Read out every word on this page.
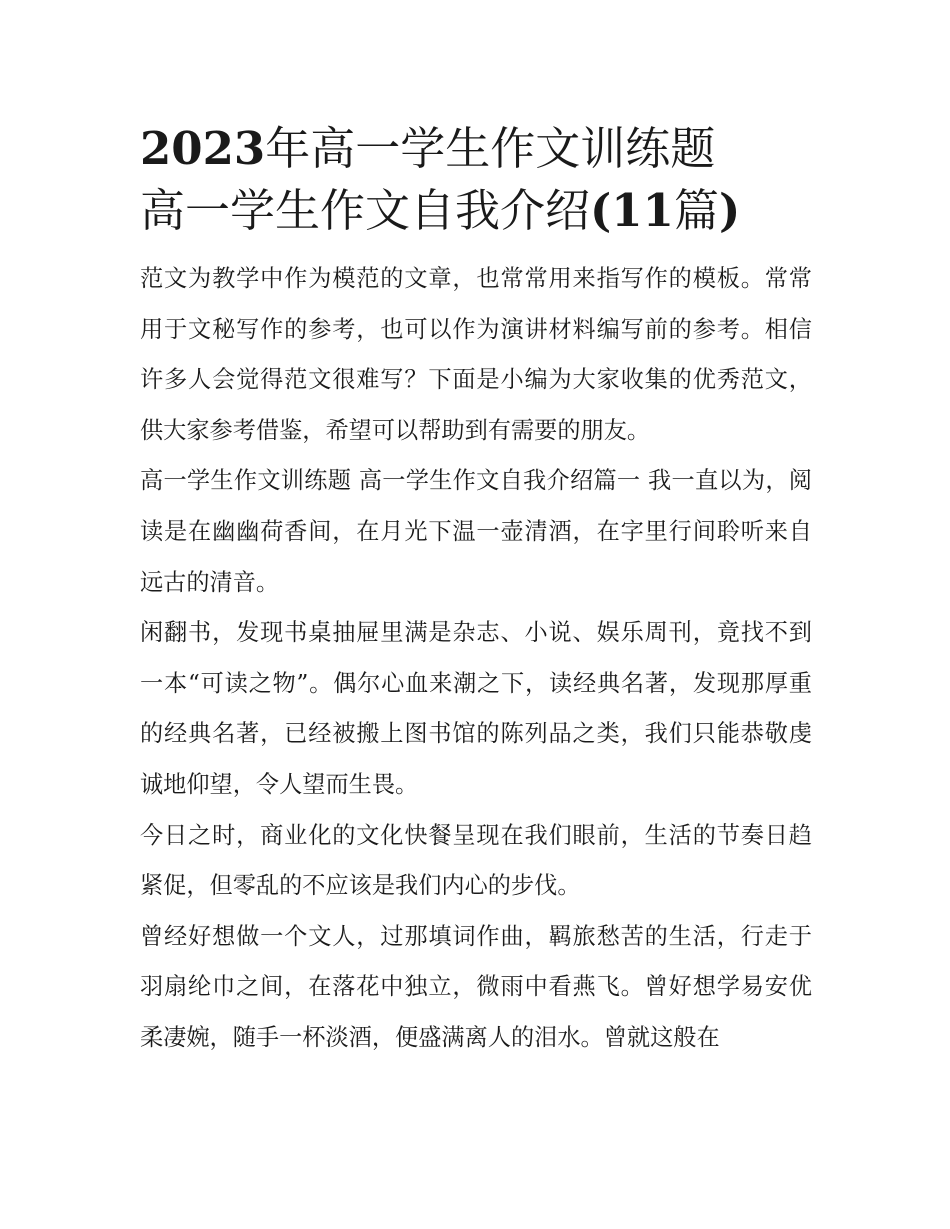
2023年高一学生作文训练题
高一学生作文自我介绍(11篇)

范文为教学中作为模范的文章，也常常用来指写作的模板。常常用于文秘写作的参考，也可以作为演讲材料编写前的参考。相信许多人会觉得范文很难写？下面是小编为大家收集的优秀范文，供大家参考借鉴，希望可以帮助到有需要的朋友。

高一学生作文训练题 高一学生作文自我介绍篇一 我一直以为，阅读是在幽幽荷香间，在月光下温一壶清酒，在字里行间聆听来自远古的清音。

闲翻书，发现书桌抽屉里满是杂志、小说、娱乐周刊，竟找不到一本“可读之物”。偶尔心血来潮之下，读经典名著，发现那厚重的经典名著，已经被搬上图书馆的陈列品之类，我们只能恭敬虔诚地仰望，令人望而生畏。

今日之时，商业化的文化快餐呈现在我们眼前，生活的节奏日趋紧促，但零乱的不应该是我们内心的步伐。

曾经好想做一个文人，过那填词作曲，羁旅愁苦的生活，行走于羽扇纶巾之间，在落花中独立，微雨中看燕飞。曾好想学易安优柔凄婉，随手一杯淡酒，便盛满离人的泪水。曾就这般在
